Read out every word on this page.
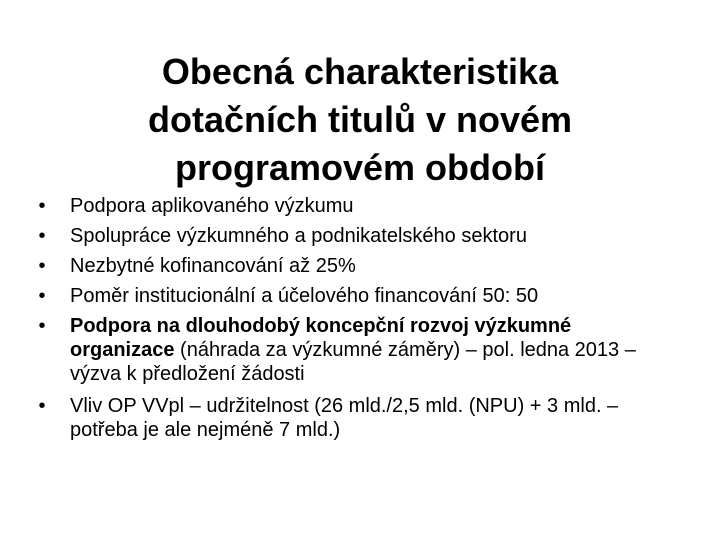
Obecná charakteristika
dotačních titulů v novém
programovém období
•	Podpora aplikovaného výzkumu
•	Spolupráce výzkumného a podnikatelského sektoru
•	Nezbytné kofinancování až 25%
•	Poměr institucionální a účelového financování 50: 50
•	Podpora na dlouhodobý koncepční rozvoj výzkumné organizace (náhrada za výzkumné záměry) – pol. ledna 2013 – výzva k předložení žádosti
•	Vliv OP VVpl – udržitelnost (26 mld./2,5 mld. (NPU) + 3 mld. – potřeba je ale nejméně 7 mld.)
